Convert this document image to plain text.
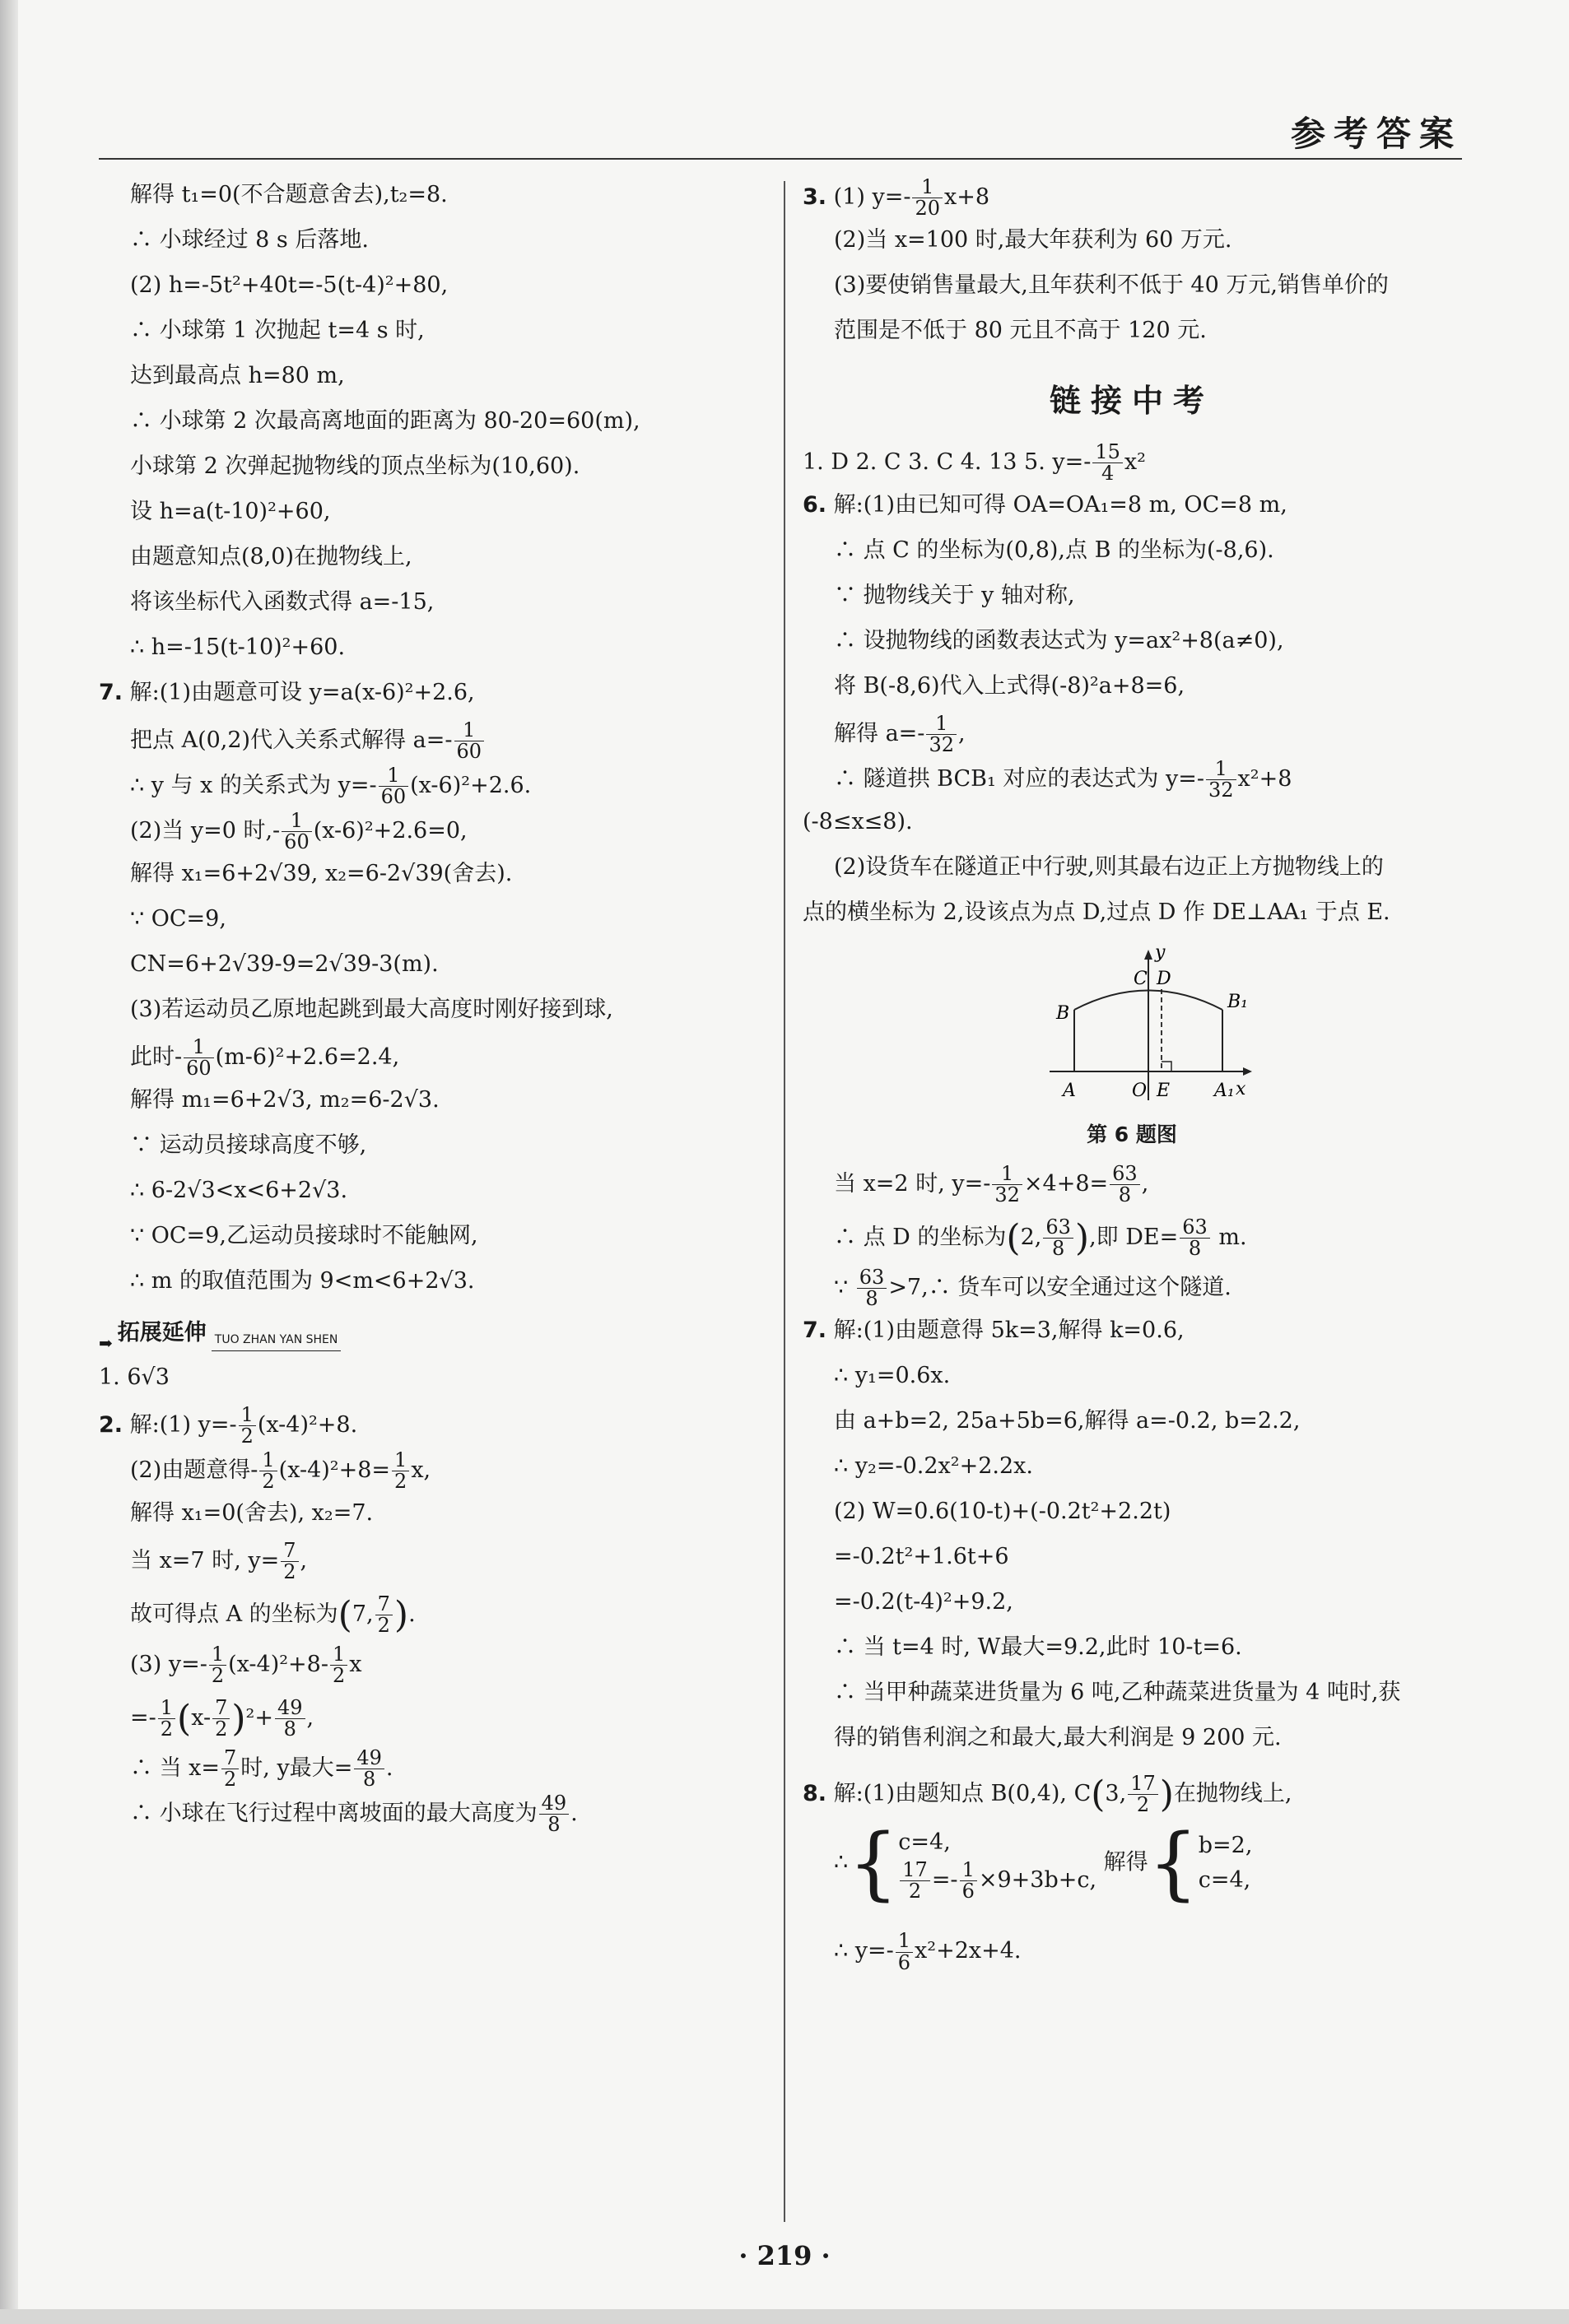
参考答案
解得 t₁=0(不合题意舍去),t₂=8.
∴ 小球经过 8 s 后落地.
(2) h=-5t²+40t=-5(t-4)²+80,
∴ 小球第 1 次抛起 t=4 s 时,
达到最高点 h=80 m,
∴ 小球第 2 次最高离地面的距离为 80-20=60(m),
小球第 2 次弹起抛物线的顶点坐标为(10,60).
设 h=a(t-10)²+60,
由题意知点(8,0)在抛物线上,
将该坐标代入函数式得 a=-15,
∴ h=-15(t-10)²+60.
7. 解:(1)由题意可设 y=a(x-6)²+2.6,
把点 A(0,2)代入关系式解得 $a=- \frac{1}{60}$
∴ y 与 x 的关系式为 $y=- \frac{1}{60} (x-6)^2+2.6$.
(2)当 y=0 时,- $\frac{1}{60} (x-6)^2+2.6=0$,
解得 x₁=6+2√39, x₂=6-2√39(舍去).
∵ OC=9,
CN=6+2√39-9=2√39-3(m).
(3)若运动员乙原地起跳到最大高度时刚好接到球,
此时- $\frac{1}{60} (m-6)^2+2.6=2.4$,
解得 m₁=6+2√3, m₂=6-2√3.
∵ 运动员接球高度不够,
∴ 6-2√3<x<6+2√3.
∵ OC=9,乙运动员接球时不能触网,
∴ m 的取值范围为 9<m<6+2√3.
➡ 拓展延伸 TUO ZHAN YAN SHEN
1. 6√3
2. 解:(1) $y=- \frac{1}{2} (x-4)^2+8$.
(2)由题意得- $\frac{1}{2} (x-4)^2+8= \frac{1}{2} x$,
解得 x₁=0(舍去), x₂=7.
当 x=7 时, $y= \frac{7}{2}$ ,
故可得点 A 的坐标为(7, $\frac{7}{2}$ ).
(3) $y=- \frac{1}{2} (x-4)^2+8- \frac{1}{2}$ x
=- $\frac{1}{2} (x- \frac{7}{2} )^2+ \frac{49}{8}$ ,
∴ 当 $x= \frac{7}{2}$ 时, y最大= $\frac{49}{8}$ .
∴ 小球在飞行过程中离坡面的最大高度为 $\frac{49}{8}$ .
3. (1) $y=- \frac{1}{20} x+8$
(2)当 x=100 时,最大年获利为 60 万元.
(3)要使销售量最大,且年获利不低于 40 万元,销售单价的
范围是不低于 80 元且不高于 120 元.
链接中考
1. D 2. C 3. C 4. 13 5. $y=- \frac{15}{4} x^2$
6. 解:(1)由已知可得 OA=OA₁=8 m, OC=8 m,
∴ 点 C 的坐标为(0,8),点 B 的坐标为(-8,6).
∵ 抛物线关于 y 轴对称,
∴ 设抛物线的函数表达式为 y=ax²+8(a≠0),
将 B(-8,6)代入上式得(-8)²a+8=6,
解得 $a=- \frac{1}{32}$ ,
∴ 隧道拱 BCB₁ 对应的表达式为 $y=- \frac{1}{32} x^2+8$
(-8≤x≤8).
(2)设货车在隧道正中行驶,则其最右边正上方抛物线上的
点的横坐标为 2,设该点为点 D,过点 D 作 DE⊥AA₁ 于点 E.
y
x
C D
B
B₁
A	O E A₁
第 6 题图
当 x=2 时, $y=- \frac{1}{32} \times 4+8= \frac{63}{8}$ ,
∴ 点 D 的坐标为(2, $\frac{63}{8}$ ),即 $DE= \frac{63}{8} m$.
∵ $\frac{63}{8}$ >7,∴ 货车可以安全通过这个隧道.
7. 解:(1)由题意得 5k=3,解得 k=0.6,
∴ y₁=0.6x.
由 a+b=2, 25a+5b=6,解得 a=-0.2, b=2.2,
∴ y₂=-0.2x²+2.2x.
(2) W=0.6(10-t)+(-0.2t²+2.2t)
=-0.2t²+1.6t+6
=-0.2(t-4)²+9.2,
∴ 当 t=4 时, W最大=9.2,此时 10-t=6.
∴ 当甲种蔬菜进货量为 6 吨,乙种蔬菜进货量为 4 吨时,获
得的销售利润之和最大,最大利润是 9 200 元.
8. 解:(1)由题知点 B(0,4), C(3, $\frac{17}{2}$ )在抛物线上,
∴{c=4,

$\frac{17}{2} =- \frac{1}{6} \times 9+3b+c$, 解得{b=2,
c=4,
∴ $y=- \frac{1}{6} x^2+2x+4$.
· 219 ·
